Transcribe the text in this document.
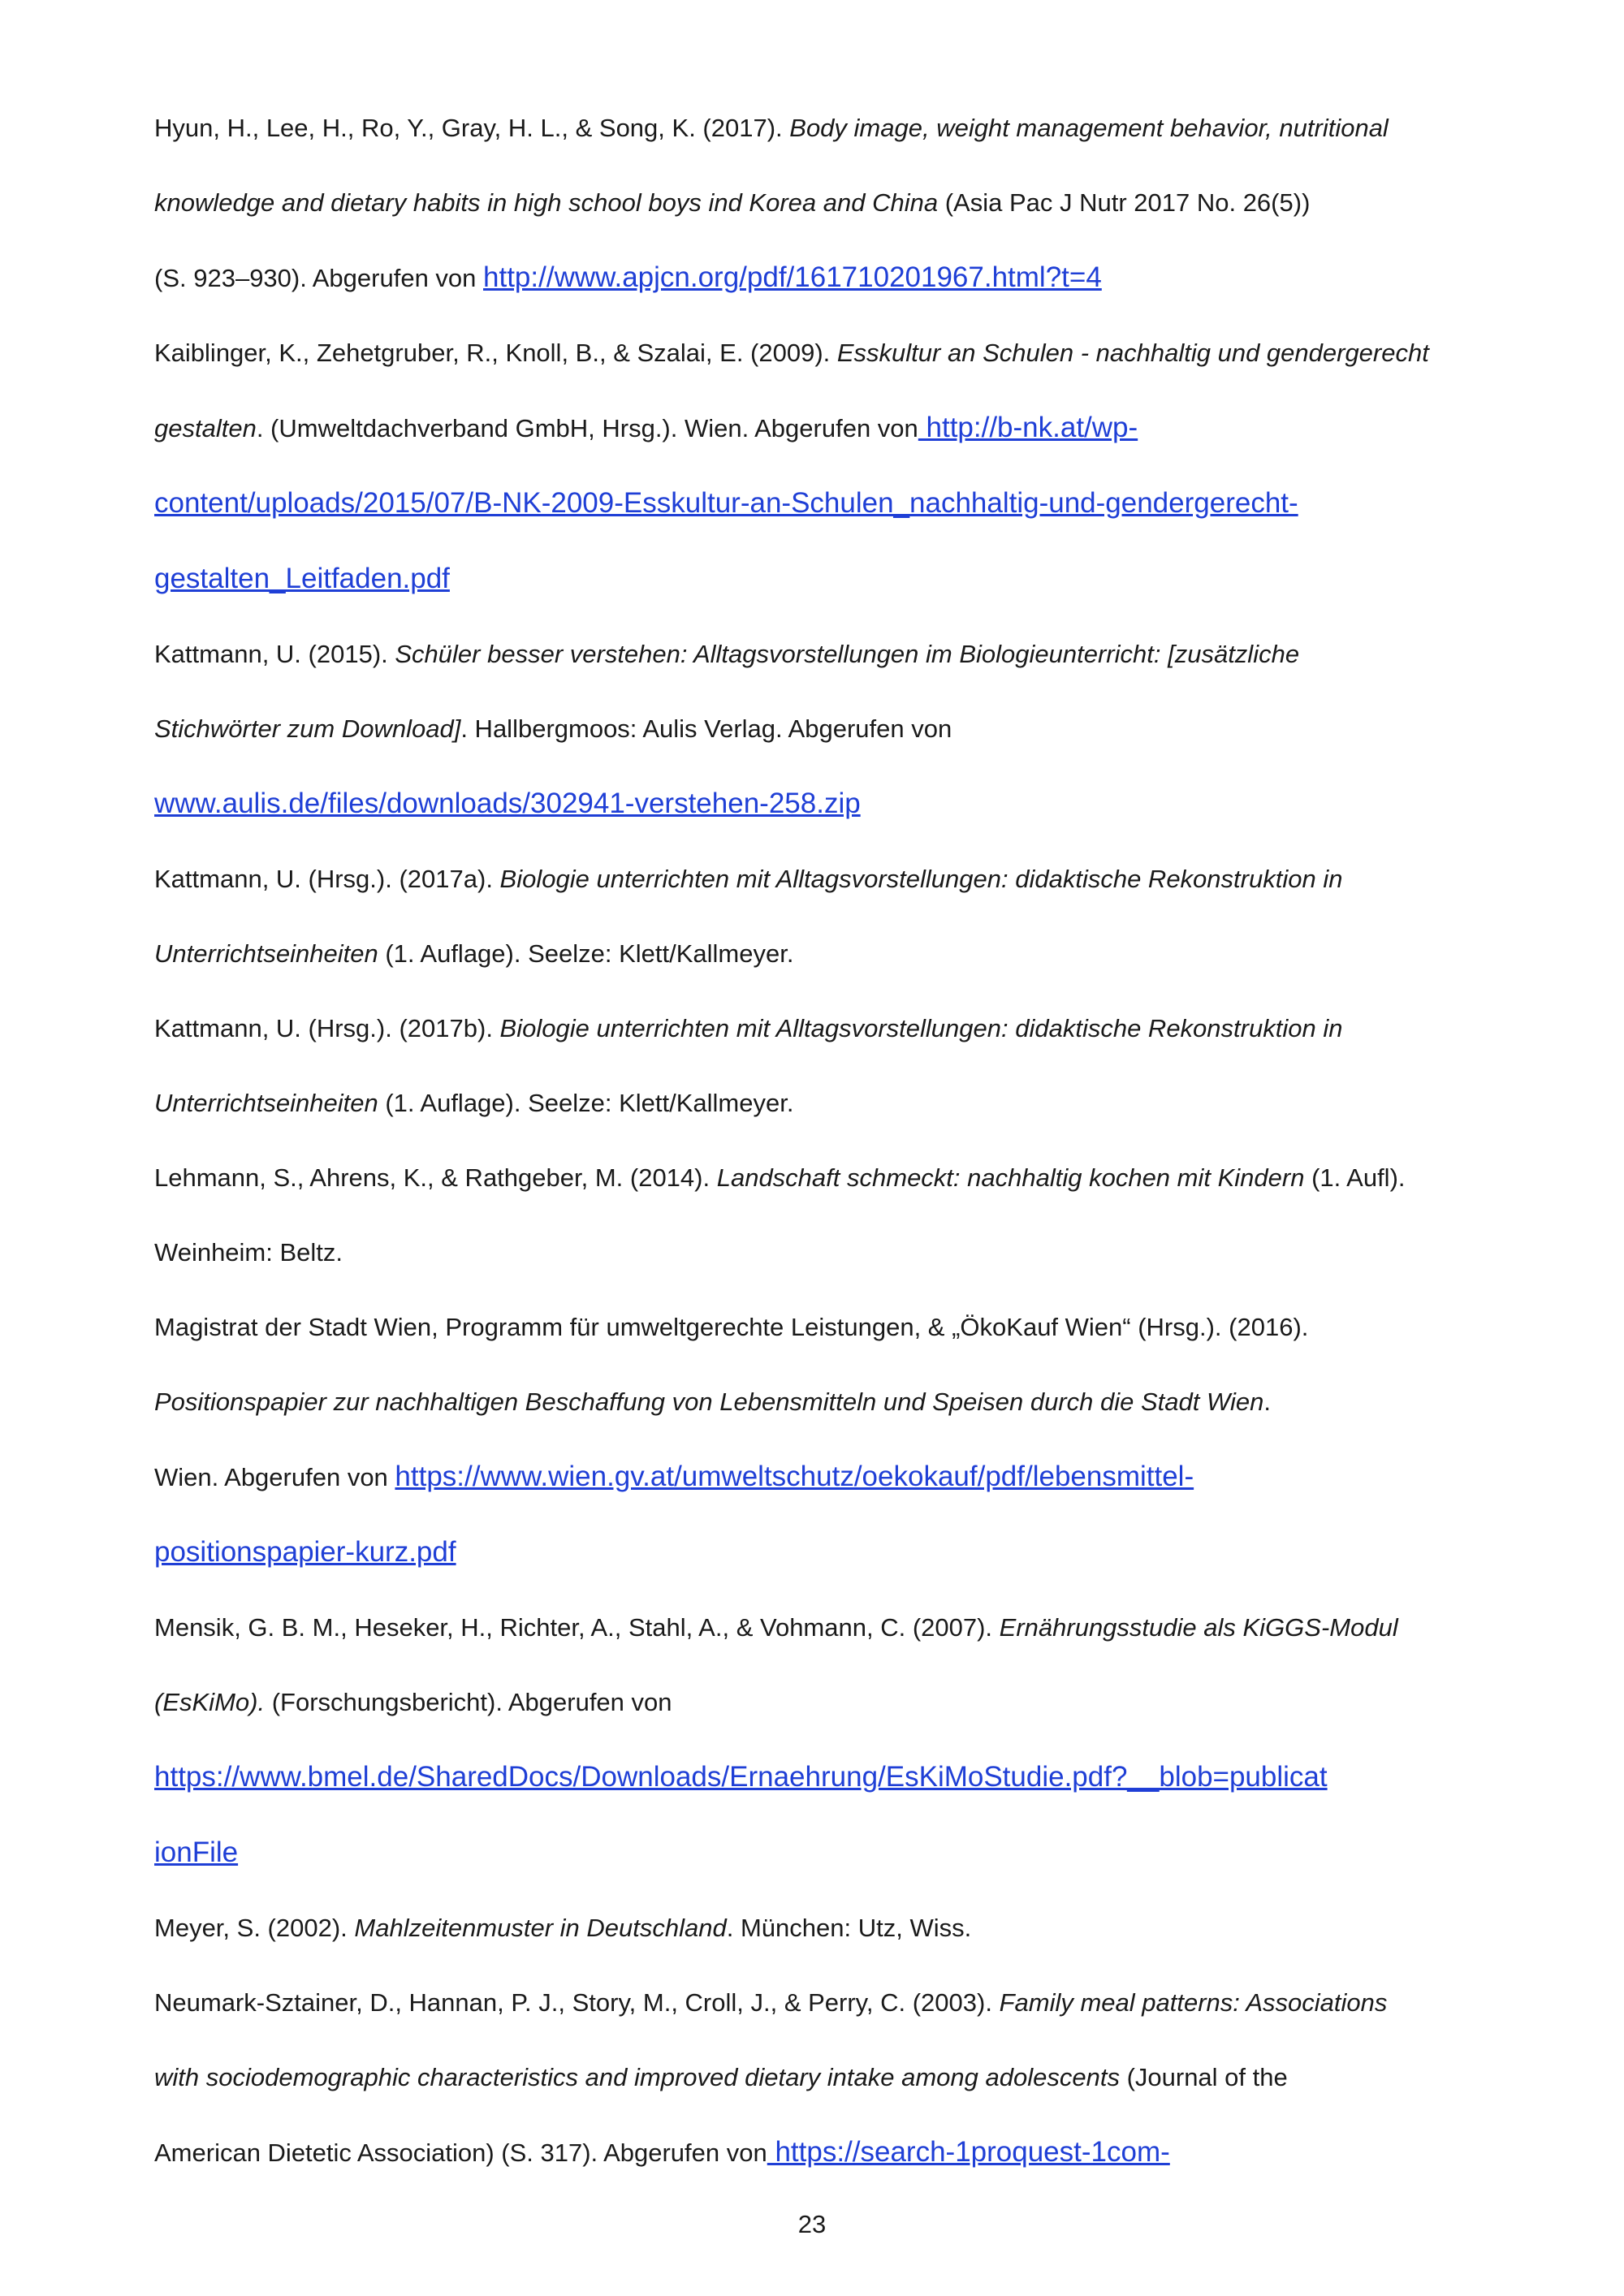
Hyun, H., Lee, H., Ro, Y., Gray, H. L., & Song, K. (2017). Body image, weight management behavior, nutritional
knowledge and dietary habits in high school boys ind Korea and China (Asia Pac J Nutr 2017 No. 26(5))
(S. 923–930). Abgerufen von http://www.apjcn.org/pdf/161710201967.html?t=4
Kaiblinger, K., Zehetgruber, R., Knoll, B., & Szalai, E. (2009). Esskultur an Schulen - nachhaltig und gendergerecht
gestalten. (Umweltdachverband GmbH, Hrsg.). Wien. Abgerufen von http://b-nk.at/wp-
content/uploads/2015/07/B-NK-2009-Esskultur-an-Schulen_nachhaltig-und-gendergerecht-
gestalten_Leitfaden.pdf
Kattmann, U. (2015). Schüler besser verstehen: Alltagsvorstellungen im Biologieunterricht: [zusätzliche
Stichwörter zum Download]. Hallbergmoos: Aulis Verlag. Abgerufen von
www.aulis.de/files/downloads/302941-verstehen-258.zip
Kattmann, U. (Hrsg.). (2017a). Biologie unterrichten mit Alltagsvorstellungen: didaktische Rekonstruktion in
Unterrichtseinheiten (1. Auflage). Seelze: Klett/Kallmeyer.
Kattmann, U. (Hrsg.). (2017b). Biologie unterrichten mit Alltagsvorstellungen: didaktische Rekonstruktion in
Unterrichtseinheiten (1. Auflage). Seelze: Klett/Kallmeyer.
Lehmann, S., Ahrens, K., & Rathgeber, M. (2014). Landschaft schmeckt: nachhaltig kochen mit Kindern (1. Aufl).
Weinheim: Beltz.
Magistrat der Stadt Wien, Programm für umweltgerechte Leistungen, & „ÖkoKauf Wien“ (Hrsg.). (2016).
Positionspapier zur nachhaltigen Beschaffung von Lebensmitteln und Speisen durch die Stadt Wien.
Wien. Abgerufen von https://www.wien.gv.at/umweltschutz/oekokauf/pdf/lebensmittel-
positionspapier-kurz.pdf
Mensik, G. B. M., Heseker, H., Richter, A., Stahl, A., & Vohmann, C. (2007). Ernährungsstudie als KiGGS-Modul
(EsKiMo). (Forschungsbericht). Abgerufen von
https://www.bmel.de/SharedDocs/Downloads/Ernaehrung/EsKiMoStudie.pdf?__blob=publicat
ionFile
Meyer, S. (2002). Mahlzeitenmuster in Deutschland. München: Utz, Wiss.
Neumark-Sztainer, D., Hannan, P. J., Story, M., Croll, J., & Perry, C. (2003). Family meal patterns: Associations
with sociodemographic characteristics and improved dietary intake among adolescents (Journal of the
American Dietetic Association) (S. 317). Abgerufen von https://search-1proquest-1com-
23
